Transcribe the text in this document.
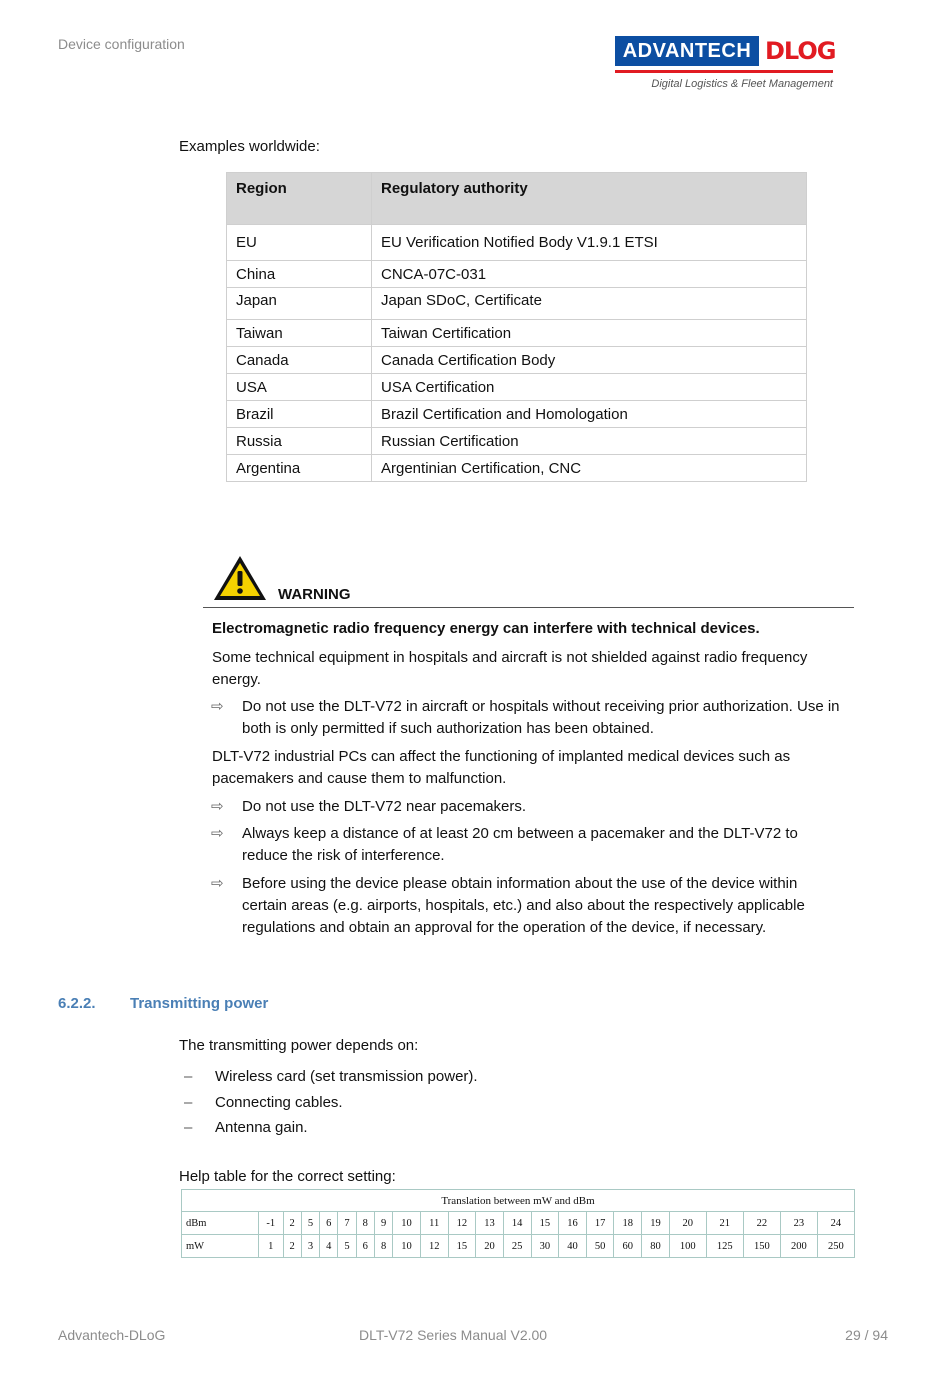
Device configuration	ADVANTECH DLOG
Digital Logistics & Fleet Management
Examples worldwide:
Region	Regulatory authority
EU	EU Verification Notified Body V1.9.1 ETSI
China	CNCA-07C-031
Japan	Japan SDoC, Certificate
Taiwan	Taiwan Certification
Canada	Canada Certification Body
USA	USA Certification
Brazil	Brazil Certification and Homologation
Russia	Russian Certification
Argentina	Argentinian Certification, CNC
WARNING
Electromagnetic radio frequency energy can interfere with technical devices.
Some technical equipment in hospitals and aircraft is not shielded against radio frequency energy.
⇨ Do not use the DLT-V72 in aircraft or hospitals without receiving prior authorization. Use in both is only permitted if such authorization has been obtained.
DLT-V72 industrial PCs can affect the functioning of implanted medical devices such as pacemakers and cause them to malfunction.
⇨ Do not use the DLT-V72 near pacemakers.
⇨ Always keep a distance of at least 20 cm between a pacemaker and the DLT-V72 to reduce the risk of interference.
⇨ Before using the device please obtain information about the use of the device within certain areas (e.g. airports, hospitals, etc.) and also about the respectively applicable regulations and obtain an approval for the operation of the device, if necessary.
6.2.2. Transmitting power
The transmitting power depends on:
– Wireless card (set transmission power).
– Connecting cables.
– Antenna gain.
Help table for the correct setting:
Translation between mW and dBm																						
dBm	-1	2	5	6	7	8	9	10	11	12	13	14	15	16	17	18	19	20	21	22	23	24
mW	1	2	3	4	5	6	8	10	12	15	20	25	30	40	50	60	80	100	125	150	200	250
Advantech-DLoG	DLT-V72 Series Manual V2.00	29 / 94
